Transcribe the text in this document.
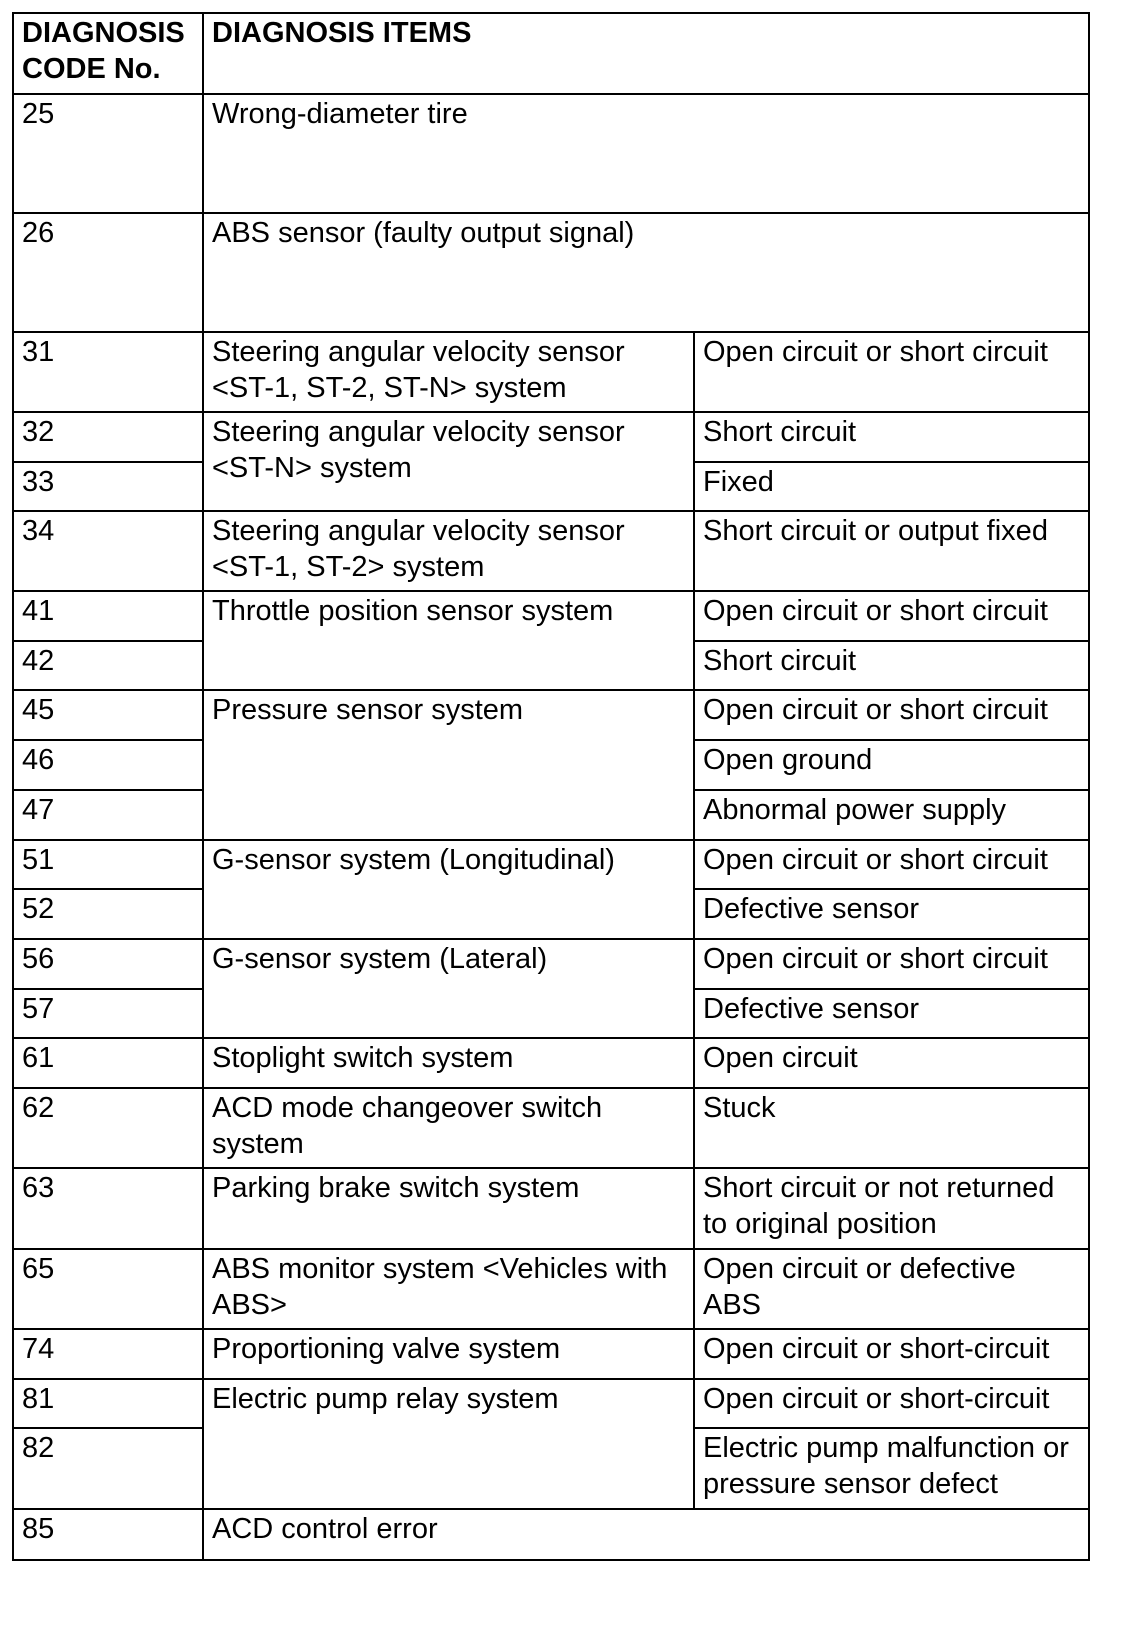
DIAGNOSIS CODE No.	DIAGNOSIS ITEMS	
25	Wrong-diameter tire	
26	ABS sensor (faulty output signal)	
31	Steering angular velocity sensor <ST-1, ST-2, ST-N> system	Open circuit or short circuit
32	Steering angular velocity sensor <ST-N> system	Short circuit
33		Fixed
34	Steering angular velocity sensor <ST-1, ST-2> system	Short circuit or output fixed
41	Throttle position sensor system	Open circuit or short circuit
42		Short circuit
45	Pressure sensor system	Open circuit or short circuit
46		Open ground
47		Abnormal power supply
51	G-sensor system (Longitudinal)	Open circuit or short circuit
52		Defective sensor
56	G-sensor system (Lateral)	Open circuit or short circuit
57		Defective sensor
61	Stoplight switch system	Open circuit
62	ACD mode changeover switch system	Stuck
63	Parking brake switch system	Short circuit or not returned to original position
65	ABS monitor system <Vehicles with ABS>	Open circuit or defective ABS
74	Proportioning valve system	Open circuit or short-circuit
81	Electric pump relay system	Open circuit or short-circuit
82		Electric pump malfunction or pressure sensor defect
85	ACD control error	
